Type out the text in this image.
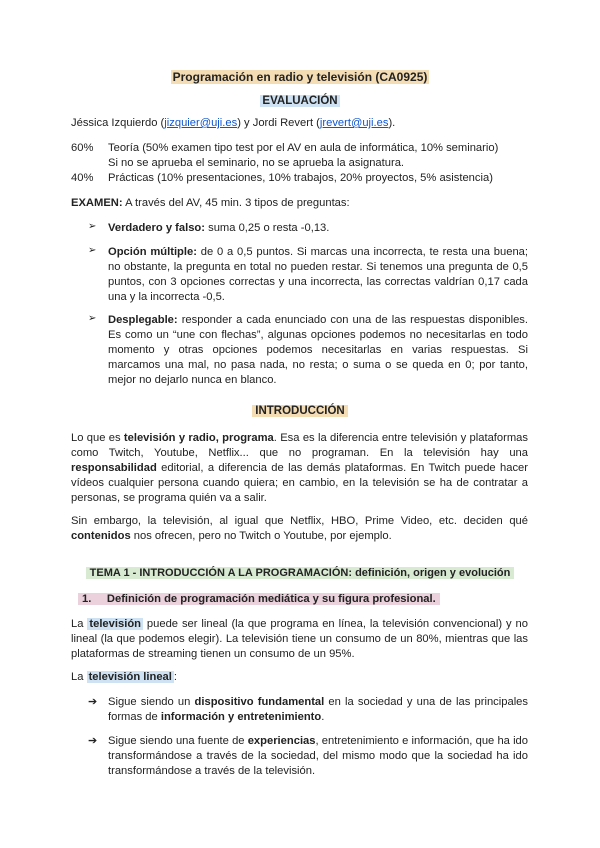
Programación en radio y televisión (CA0925)
EVALUACIÓN
Jéssica Izquierdo (jizquier@uji.es) y Jordi Revert (jrevert@uji.es).
60% Teoría (50% examen tipo test por el AV en aula de informática, 10% seminario)
Si no se aprueba el seminario, no se aprueba la asignatura.
40% Prácticas (10% presentaciones, 10% trabajos, 20% proyectos, 5% asistencia)
EXAMEN: A través del AV, 45 min. 3 tipos de preguntas:
➢ Verdadero y falso: suma 0,25 o resta -0,13.
➢ Opción múltiple: de 0 a 0,5 puntos. Si marcas una incorrecta, te resta una buena; no obstante, la pregunta en total no pueden restar. Si tenemos una pregunta de 0,5 puntos, con 3 opciones correctas y una incorrecta, las correctas valdrían 0,17 cada una y la incorrecta -0,5.
➢ Desplegable: responder a cada enunciado con una de las respuestas disponibles. Es como un “une con flechas”, algunas opciones podemos no necesitarlas en todo momento y otras opciones podemos necesitarlas en varias respuestas. Si marcamos una mal, no pasa nada, no resta; o suma o se queda en 0; por tanto, mejor no dejarlo nunca en blanco.
INTRODUCCIÓN
Lo que es televisión y radio, programa. Esa es la diferencia entre televisión y plataformas como Twitch, Youtube, Netflix... que no programan. En la televisión hay una responsabilidad editorial, a diferencia de las demás plataformas. En Twitch puede hacer vídeos cualquier persona cuando quiera; en cambio, en la televisión se ha de contratar a personas, se programa quién va a salir.
Sin embargo, la televisión, al igual que Netflix, HBO, Prime Video, etc. deciden qué contenidos nos ofrecen, pero no Twitch o Youtube, por ejemplo.
TEMA 1 - INTRODUCCIÓN A LA PROGRAMACIÓN: definición, origen y evolución
1. Definición de programación mediática y su figura profesional.
La televisión puede ser lineal (la que programa en línea, la televisión convencional) y no lineal (la que podemos elegir). La televisión tiene un consumo de un 80%, mientras que las plataformas de streaming tienen un consumo de un 95%.
La televisión lineal :
➔ Sigue siendo un dispositivo fundamental en la sociedad y una de las principales formas de información y entretenimiento.
➔ Sigue siendo una fuente de experiencias, entretenimiento e información, que ha ido transformándose a través de la sociedad, del mismo modo que la sociedad ha ido transformándose a través de la televisión.
